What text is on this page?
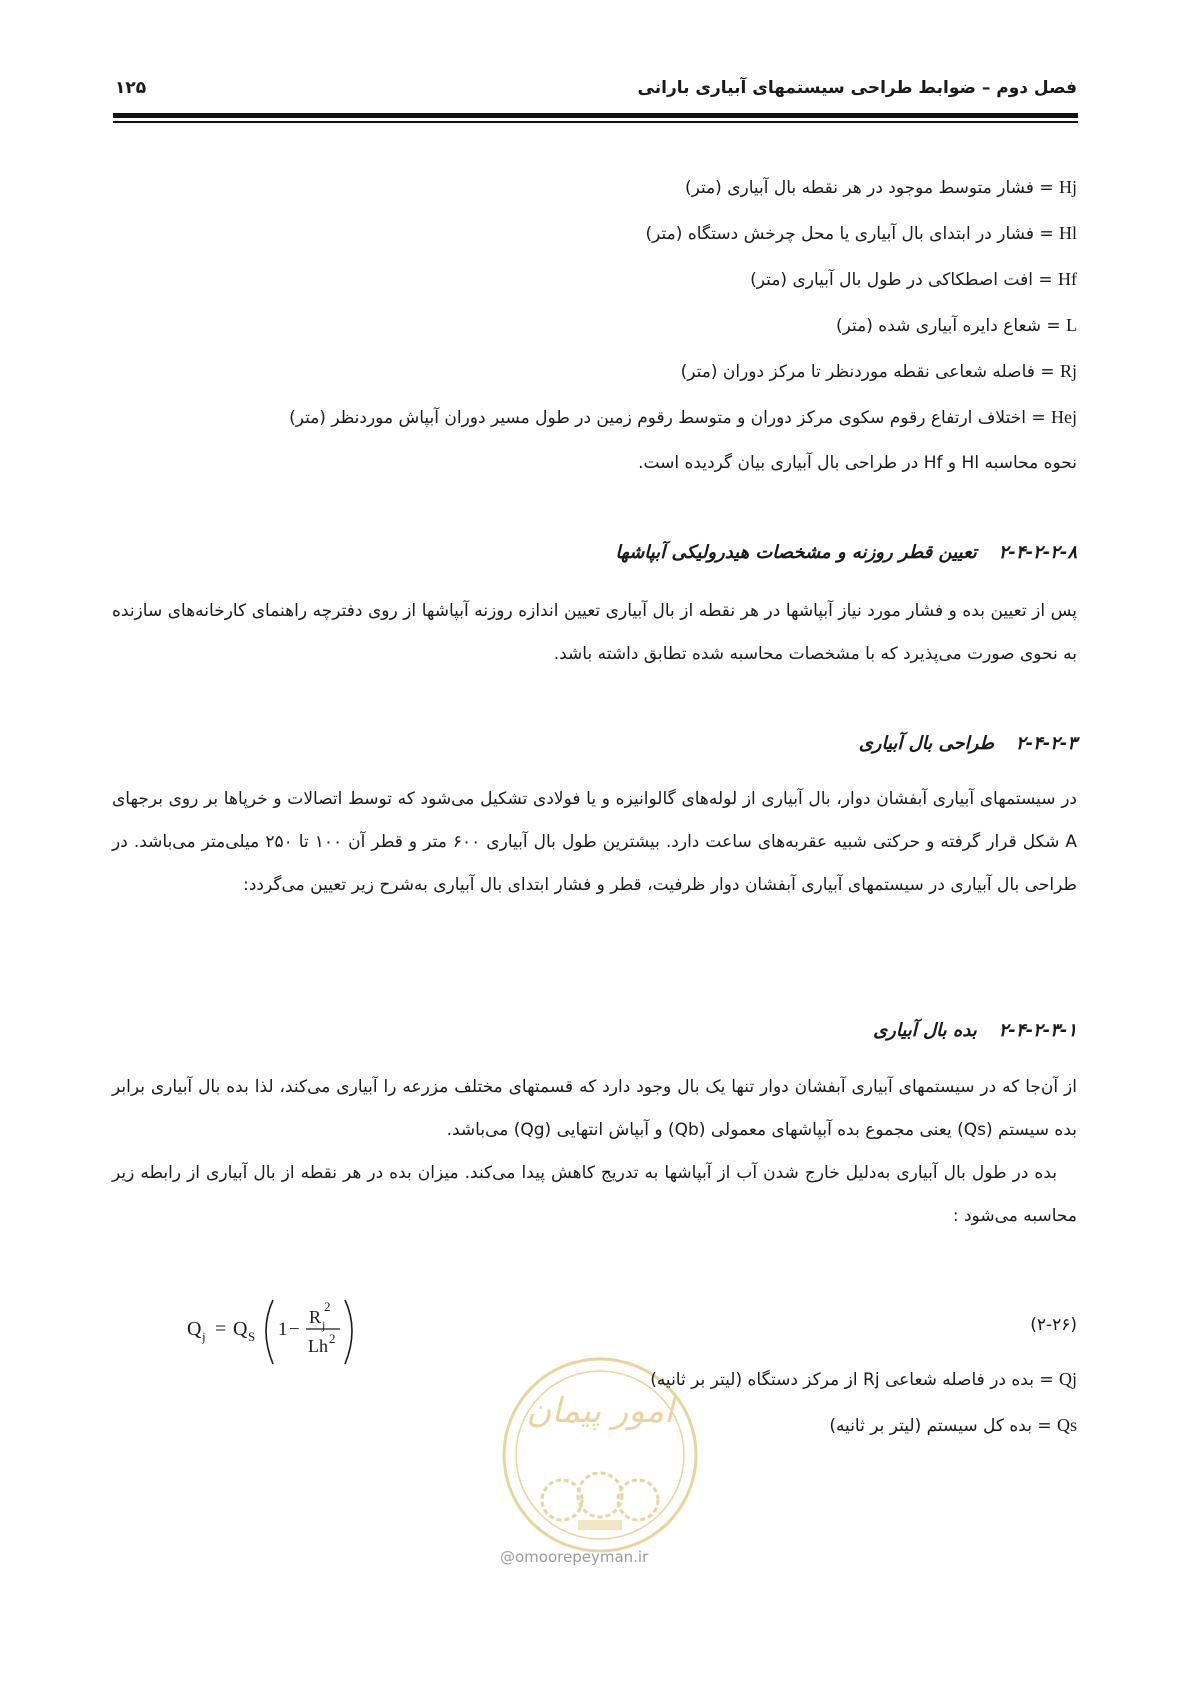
فصل دوم – ضوابط طراحی سیستمهای آبیاری بارانی
۱۲۵
Hj = فشار متوسط موجود در هر نقطه بال آبیاری (متر)
Hl = فشار در ابتدای بال آبیاری یا محل چرخش دستگاه (متر)
Hf = افت اصطکاکی در طول بال آبیاری (متر)
L = شعاع دایره آبیاری شده (متر)
Rj = فاصله شعاعی نقطه موردنظر تا مرکز دوران (متر)
Hej = اختلاف ارتفاع رقوم سکوی مرکز دوران و متوسط رقوم زمین در طول مسیر دوران آبپاش موردنظر (متر)
نحوه محاسبه Hl و Hf در طراحی بال آبیاری بیان گردیده است.
۲-۴-۲-۲-۸تعیین قطر روزنه و مشخصات هیدرولیکی آبپاشها
پس از تعیین بده و فشار مورد نیاز آبپاشها در هر نقطه از بال آبیاری تعیین اندازه روزنه آبپاشها از روی دفترچه راهنمای کارخانه‌های سازنده به نحوی صورت می‌پذیرد که با مشخصات محاسبه شده تطابق داشته باشد.
۲-۴-۲-۳طراحی بال آبیاری
در سیستمهای آبیاری آبفشان دوار، بال آبیاری از لوله‌های گالوانیزه و یا فولادی تشکیل می‌شود که توسط اتصالات و خرپاها بر روی برجهای A شکل قرار گرفته و حرکتی شبیه عقربه‌های ساعت دارد. بیشترین طول بال آبیاری ۶۰۰ متر و قطر آن ۱۰۰ تا ۲۵۰ میلی‌متر می‌باشد. در طراحی بال آبیاری در سیستمهای آبیاری آبفشان دوار ظرفیت، قطر و فشار ابتدای بال آبیاری به‌شرح زیر تعیین می‌گردد:
۲-۴-۲-۳-۱بده بال آبیاری
از آن‌جا که در سیستمهای آبیاری آبفشان دوار تنها یک بال وجود دارد که قسمتهای مختلف مزرعه را آبیاری می‌کند، لذا بده بال آبیاری برابر بده سیستم (Qs) یعنی مجموع بده آبپاشهای معمولی (Qb) و آبپاش انتهایی (Qg) می‌باشد.
بده در طول بال آبیاری به‌دلیل خارج شدن آب از آبپاشها به تدریج کاهش پیدا می‌کند. میزان بده در هر نقطه از بال آبیاری از رابطه زیر محاسبه می‌شود :
Q j = Q S 1 −
R j
2
Lh 2
(۲-۲۶)
امور پیمان
Qj = بده در فاصله شعاعی Rj از مرکز دستگاه (لیتر بر ثانیه)
Qs = بده کل سیستم (لیتر بر ثانیه)
@omoorepeyman.ir
